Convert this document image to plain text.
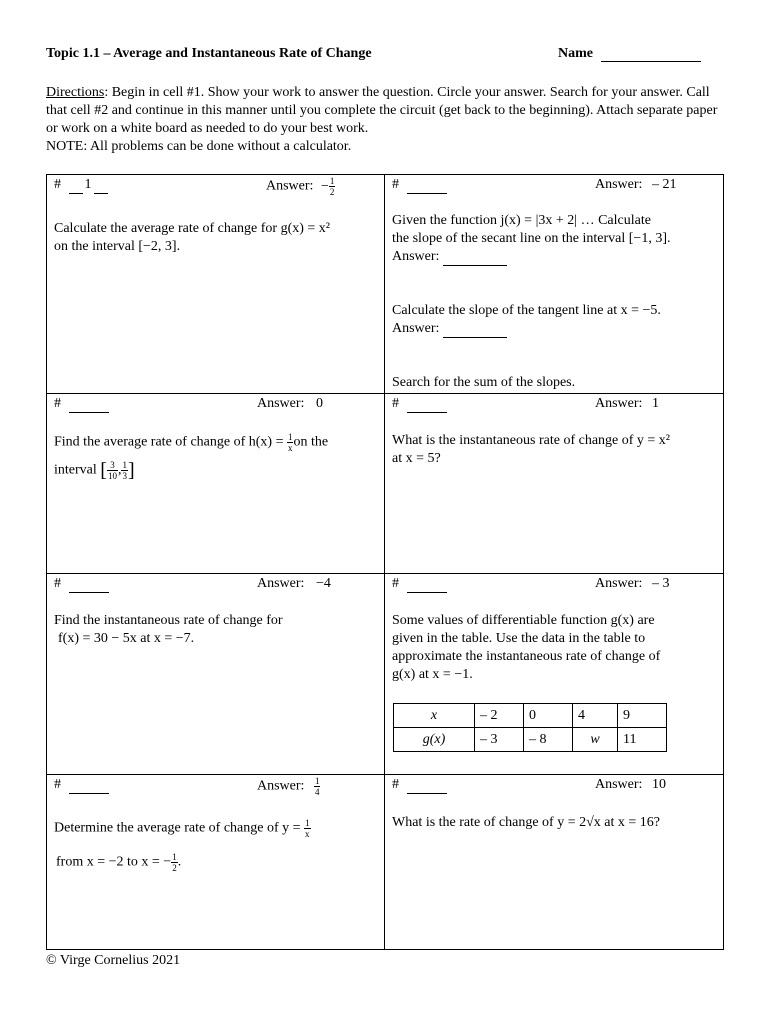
Topic 1.1 – Average and Instantaneous Rate of Change	Name
Directions: Begin in cell #1. Show your work to answer the question. Circle your answer. Search for your answer. Call that cell #2 and continue in this manner until you complete the circuit (get back to the beginning). Attach separate paper or work on a white board as needed to do your best work.
NOTE: All problems can be done without a calculator.
# 1	Answer: − $\frac{1}{2}$
Calculate the average rate of change for g(x) = x²
on the interval [−2, 3].
#	Answer: – 21
Given the function j(x) = |3x + 2| … Calculate
the slope of the secant line on the interval [−1, 3].
Answer:
Calculate the slope of the tangent line at x = −5.
Answer:
Search for the sum of the slopes.
#	Answer: 0
Find the average rate of change of $h(x) = \frac{1}{x}$ on the
interval [ $\frac{3}{10}$ , $\frac{1}{3}$ ]
#	Answer: 1
What is the instantaneous rate of change of y = x²
at x = 5?
#	Answer: −4
Find the instantaneous rate of change for
f(x) = 30 − 5x at x = −7.
#	Answer: – 3
Some values of differentiable function g(x) are
given in the table. Use the data in the table to
approximate the instantaneous rate of change of
g(x) at x = −1.
x	– 2	0	4	9
g(x)	– 3	– 8	w	11
#	Answer: $\frac{1}{4}$
Determine the average rate of change of $y = \frac{1}{x}$
from x = −2 to x = − $\frac{1}{2}$ .
#	Answer: 10
What is the rate of change of y = 2√x at x = 16?
© Virge Cornelius 2021
